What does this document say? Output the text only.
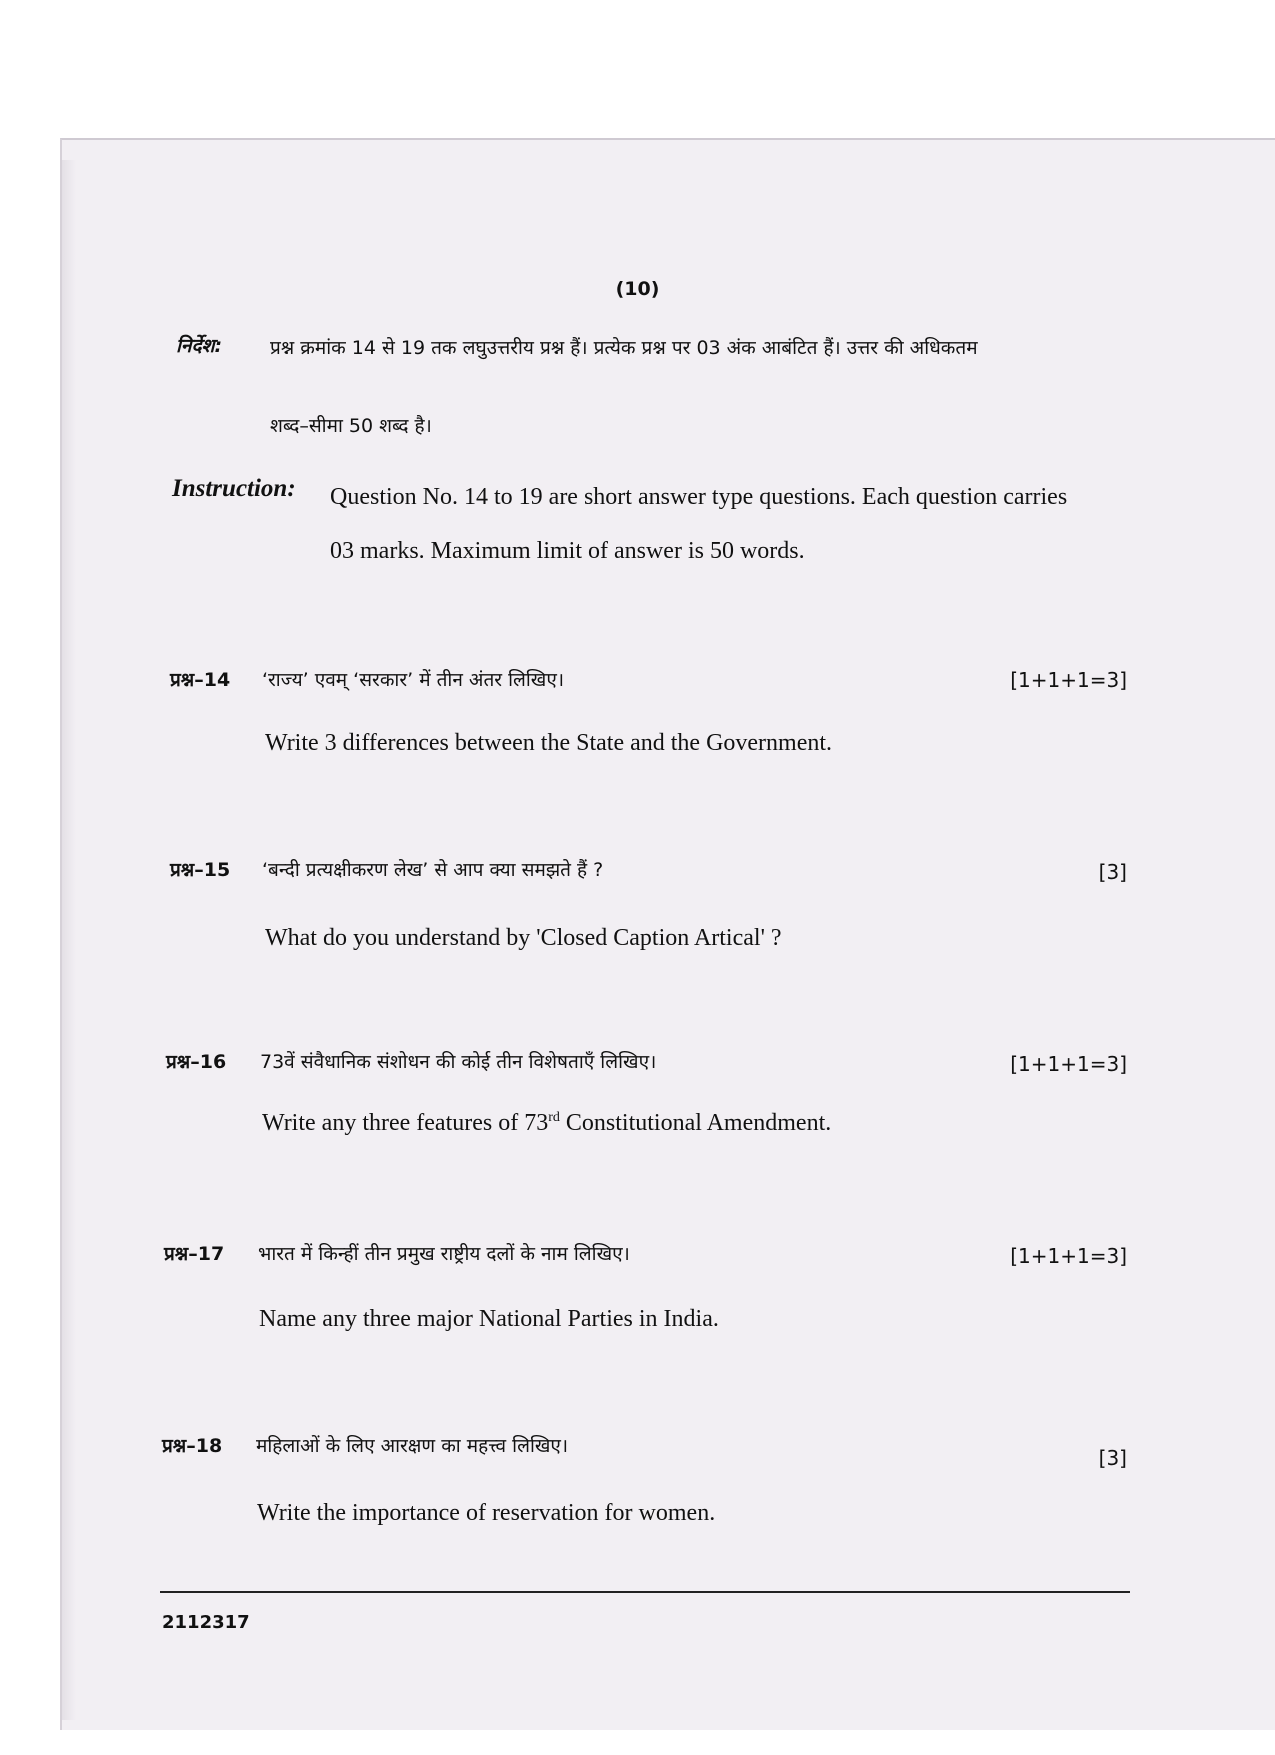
(10)
निर्देश:	प्रश्न क्रमांक 14 से 19 तक लघुउत्तरीय प्रश्न हैं। प्रत्येक प्रश्न पर 03 अंक आबंटित हैं। उत्तर की अधिकतम
शब्द–सीमा 50 शब्द है।
Instruction: Question No. 14 to 19 are short answer type questions. Each question carries
03 marks. Maximum limit of answer is 50 words.
प्रश्न–14 ‘राज्य’ एवम् ‘सरकार’ में तीन अंतर लिखिए।	[1+1+1=3]
Write 3 differences between the State and the Government.
प्रश्न–15 ‘बन्दी प्रत्यक्षीकरण लेख’ से आप क्या समझते हैं ?	[3]
What do you understand by 'Closed Caption Artical' ?
प्रश्न–16 73वें संवैधानिक संशोधन की कोई तीन विशेषताएँ लिखिए।	[1+1+1=3]
Write any three features of 73rd Constitutional Amendment.
प्रश्न–17 भारत में किन्हीं तीन प्रमुख राष्ट्रीय दलों के नाम लिखिए।	[1+1+1=3]
Name any three major National Parties in India.
प्रश्न–18 महिलाओं के लिए आरक्षण का महत्त्व लिखिए।	[3]
Write the importance of reservation for women.
2112317
